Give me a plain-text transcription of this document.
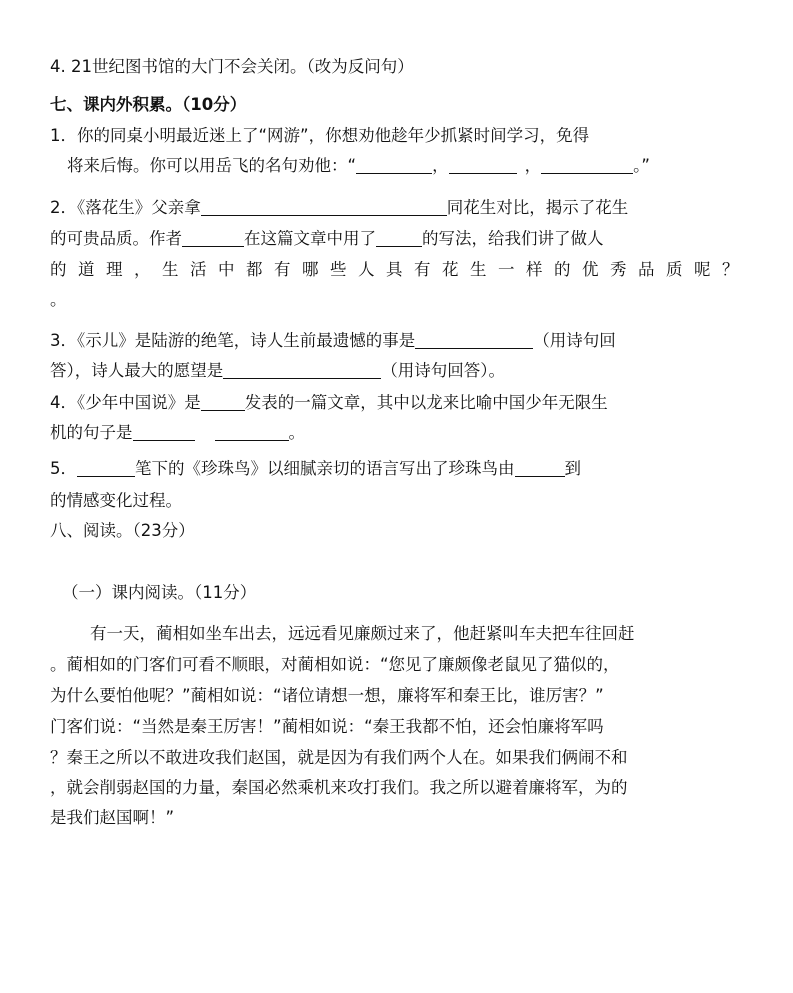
4. 21世纪图书馆的大门不会关闭。（改为反问句）
七、课内外积累。（10分）
1．你的同桌小明最近迷上了“网游”，你想劝他趁年少抓紧时间学习，免得
将来后悔。你可以用岳飞的名句劝他：“	，	，	。”
2．《落花生》父亲拿	同花生对比，揭示了花生
的可贵品质。作者	在这篇文章中用了	的写法，给我们讲了做人
的道理，生活中都有哪些人具有花生一样的优秀品质呢？
。
3．《示儿》是陆游的绝笔，诗人生前最遗憾的事是	（用诗句回
答），诗人最大的愿望是	（用诗句回答）。
4．《少年中国说》是	发表的一篇文章，其中以龙来比喻中国少年无限生
机的句子是	。
5．	笔下的《珍珠鸟》以细腻亲切的语言写出了珍珠鸟由	到
的情感变化过程。
八、阅读。（23分）
（一）课内阅读。（11分）
有一天，蔺相如坐车出去，远远看见廉颇过来了，他赶紧叫车夫把车往回赶
。蔺相如的门客们可看不顺眼，对蔺相如说：“您见了廉颇像老鼠见了猫似的，
为什么要怕他呢？”蔺相如说：“诸位请想一想，廉将军和秦王比，谁厉害？”
门客们说：“当然是秦王厉害！”蔺相如说：“秦王我都不怕，还会怕廉将军吗
？秦王之所以不敢进攻我们赵国，就是因为有我们两个人在。如果我们俩闹不和
，就会削弱赵国的力量，秦国必然乘机来攻打我们。我之所以避着廉将军，为的
是我们赵国啊！”
